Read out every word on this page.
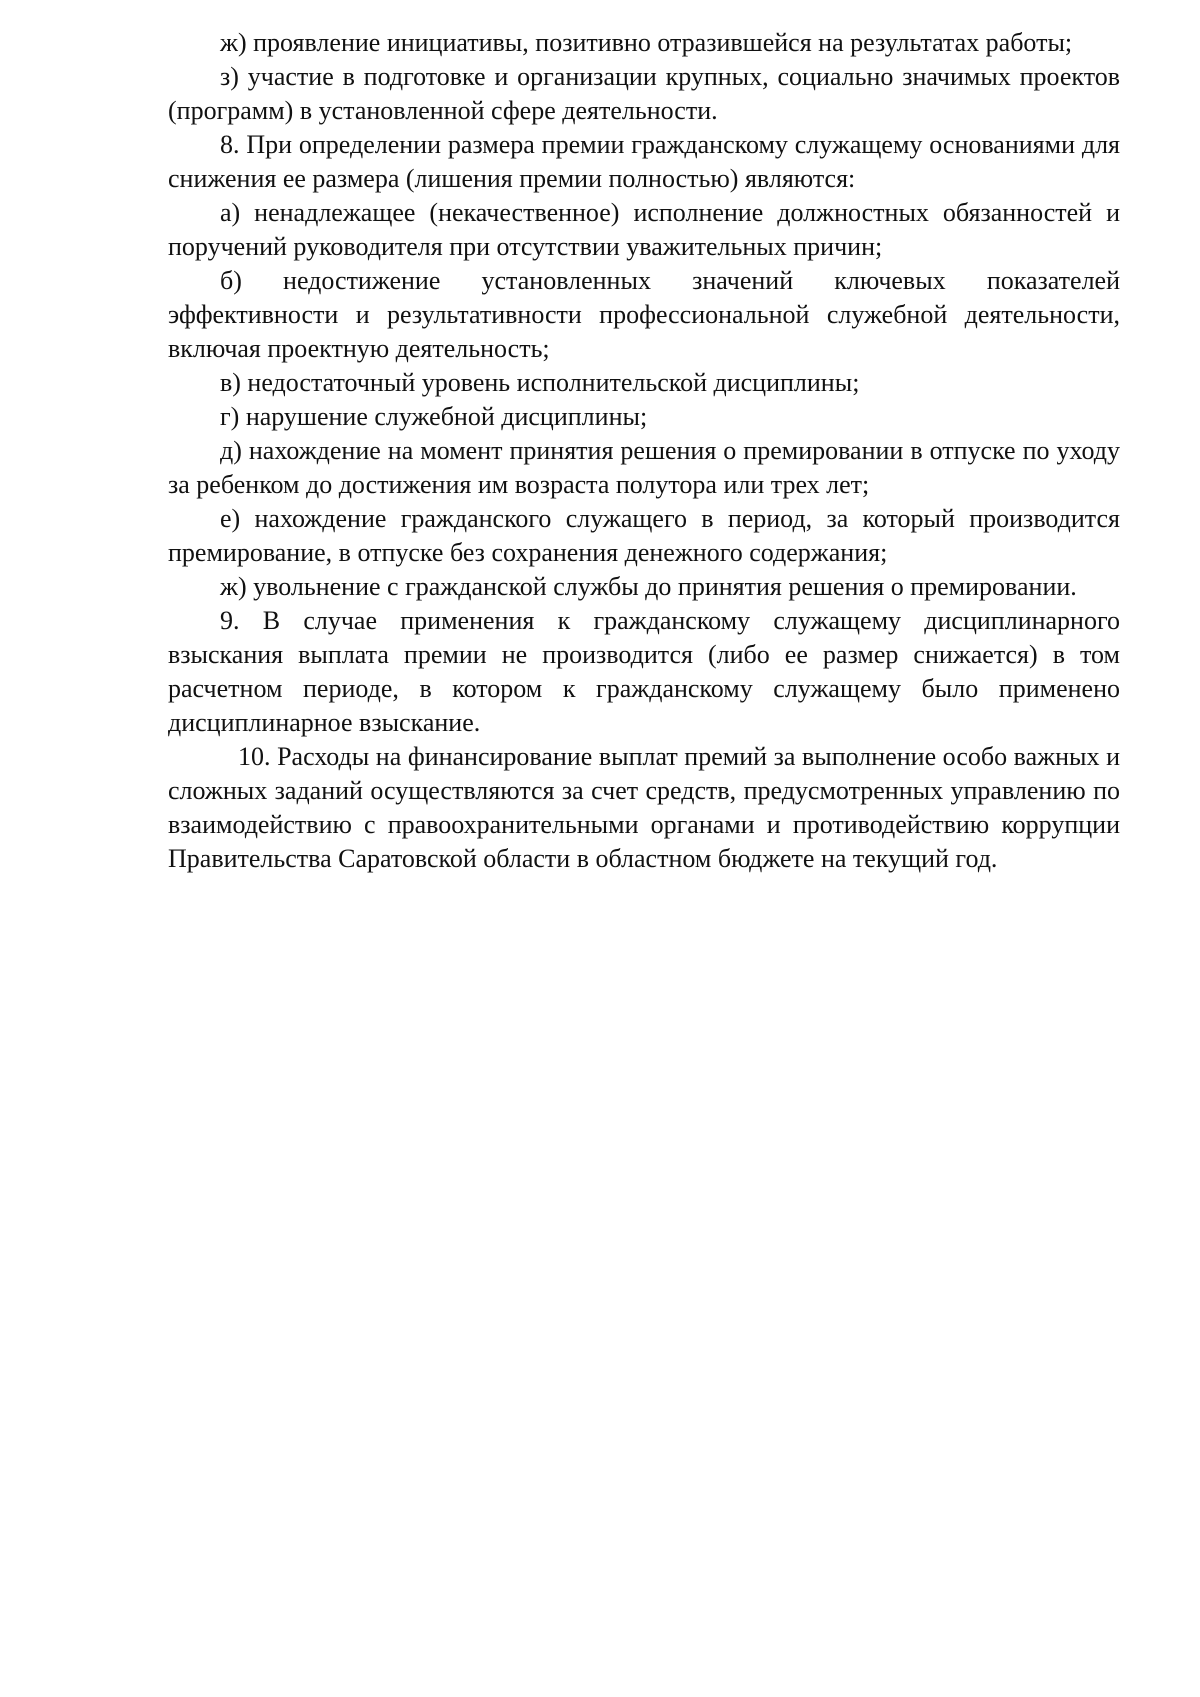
ж) проявление инициативы, позитивно отразившейся на результатах работы;

з) участие в подготовке и организации крупных, социально значимых проектов (программ) в установленной сфере деятельности.

8. При определении размера премии гражданскому служащему основаниями для снижения ее размера (лишения премии полностью) являются:

а) ненадлежащее (некачественное) исполнение должностных обязанностей и поручений руководителя при отсутствии уважительных причин;

б) недостижение установленных значений ключевых показателей эффективности и результативности профессиональной служебной деятельности, включая проектную деятельность;

в) недостаточный уровень исполнительской дисциплины;

г) нарушение служебной дисциплины;

д) нахождение на момент принятия решения о премировании в отпуске по уходу за ребенком до достижения им возраста полутора или трех лет;

е) нахождение гражданского служащего в период, за который производится премирование, в отпуске без сохранения денежного содержания;

ж) увольнение с гражданской службы до принятия решения о премировании.

9. В случае применения к гражданскому служащему дисциплинарного взыскания выплата премии не производится (либо ее размер снижается) в том расчетном периоде, в котором к гражданскому служащему было применено дисциплинарное взыскание.

10. Расходы на финансирование выплат премий за выполнение особо важных и сложных заданий осуществляются за счет средств, предусмотренных управлению по взаимодействию с правоохранительными органами и противодействию коррупции Правительства Саратовской области в областном бюджете на текущий год.
